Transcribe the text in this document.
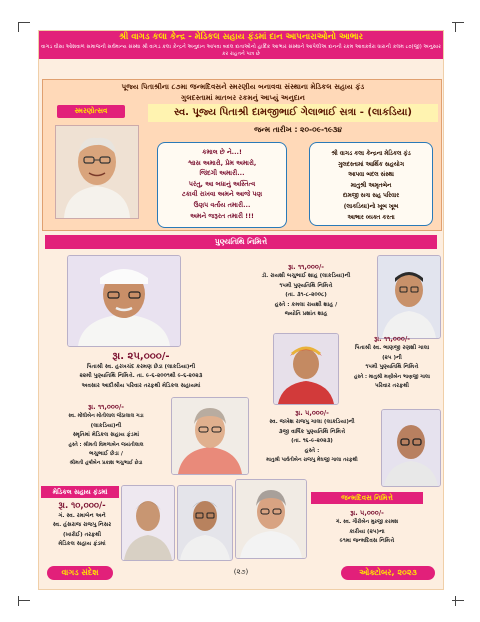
શ્રી વાગડ કલા કેન્દ્ર - મેડિકલ સહાય ફંડમાં દાન આપનારાઓનો આભાર
વાગડ વીસા ઓશવાળ સમાજની સર્વમાન્ય સંસ્થા શ્રી વાગડ કલા કેન્દ્રને અનુદાન આપવા બદલ દાતાઓનો હાર્દિક આભાર સંસ્થાને આપેલીઅ દાનની રકમ આવકવેરા ધારાની કલમ ૮૦(જી) અનુસાર કર રાહતને પાત્ર છે
પૂજ્ય પિતાશ્રીના ૮૭મા જન્મદિવસને સ્મરણીય બનાવવા સંસ્થાના મેડિકલ સહાય ફંડ
ગુલદસ્તામાં માતબર રકમનું આપ્યું અનુદાન
સ્મરણોત્સવ	સ્વ. પૂજ્ય પિતાશ્રી દામજીભાઈ ગેલાભાઈ સત્રા - (લાકડિયા)
જન્મ તારીખ : ૨૦-૦૯-૧૯૩૪
કમાલ છે ને...!
શ્વાસ અમારો, પ્રેમ અમારો,
જિંદગી અમારી...
પરંતુ, આ બધાનું અસ્તિત્વ
ટકાવી રાખવા અમને આજે પણ
ઉણપ વર્તાય તમારી...
અમને જરૂરત તમારી !!!
શ્રી વાગડ કલા કેન્દ્રના મેડિકલ ફંડ
ગુલદસ્તામાં આર્થિક સહયોગ
આપવા બદલ સંસ્થા
માતુશ્રી અમૃતબેન
દામજી સત્રા સહ પરિવાર
(લાકડિયા)નો ખૂબ ખૂબ
આભાર વ્યક્ત કરતા
પુણ્યતિથિ નિમિત્તે
રૂા. ૨૫,૦૦૦/-
પિતાશ્રી સ્વ. હરખચંદ કરમણ છેડા (લાકડિયા)ની
૨૨મી પુણ્યતિથિ નિમિત્તે. તા. ૯-૬-૨૦૦૧થી ૯-૬-૨૦૨૩
અવસાર આદીશ્રીય પરિવાર તરફથી મેડિકલ સહાયમાં
રૂા. ૧૧,૦૦૦/-
ડૉ. રાયશી બચુભાઈ શાહ (લાકડિયા)ની
૧૫મી પુણ્યતિથિ નિમિત્તે
(તા. ૩૧-૮-૨૦૦૮)
હસ્તે : કમલા રાયશી શાહ /
જ્યોતિ પ્રશાંત શાહ
રૂા. ૧૧,૦૦૦/-
પિતાશ્રી સ્વ. ભાણજી રણશી ગાલા
(૨૫ )ની
૧૫મી પુણ્યતિથિ નિમિત્તે
હસ્તે : માતુશ્રી મણીબેન ભાણજી ગાલા
પરિવાર તરફથી
રૂા. ૧૧,૦૦૦/-
સ્વ. મોંઘીબેન મોતીલાલ જેઠાલાલ ગડા
(લાકડિયા)ની
સ્મૃતિમાં મેડિકલ સહાય ફંડમાં
હસ્તે : શ્રીમતી વિમળાબેન જયંતીલાલ
ભચુભાઈ છેડા /
શ્રીમતી હર્ષાબેન પ્રકાશ ભચુભાઈ છેડા
રૂા. ૫,૦૦૦/-
સ્વ. જખેશ રાજપુ ગાલા (લાકડિયા)ની
૩જી વાર્ષિક પુણ્યતિથિ નિમિત્તે
(તા. ૧૬-૯-૨૦૨૩)
હસ્તે :
માતુશ્રી પાર્વતીબેન રાજપુ મેઘજી ગાલા તરફથી
મેડિકલ સહાય ફંડમાં
રૂા. ૧૦,૦૦૦/-
ગં. સ્વ. રમાબેન અને
સ્વ. હંસરાજ રાજપુ નિસર
(ખારોઈ) તરફથી
મેડિકલ સહાય ફંડમાં
જન્મદિવસ નિમિત્તે
રૂા. ૫,૦૦૦/-
ગં. સ્વ. ગૌરીબેન મુરજી કરમશ
કારીયા (૨૫)ના
૯૧મા જન્મદિવસ નિમિત્તે
વાગડ સંદેશ	(૨૭)	ઓક્ટોબર, ૨૦૨૩
